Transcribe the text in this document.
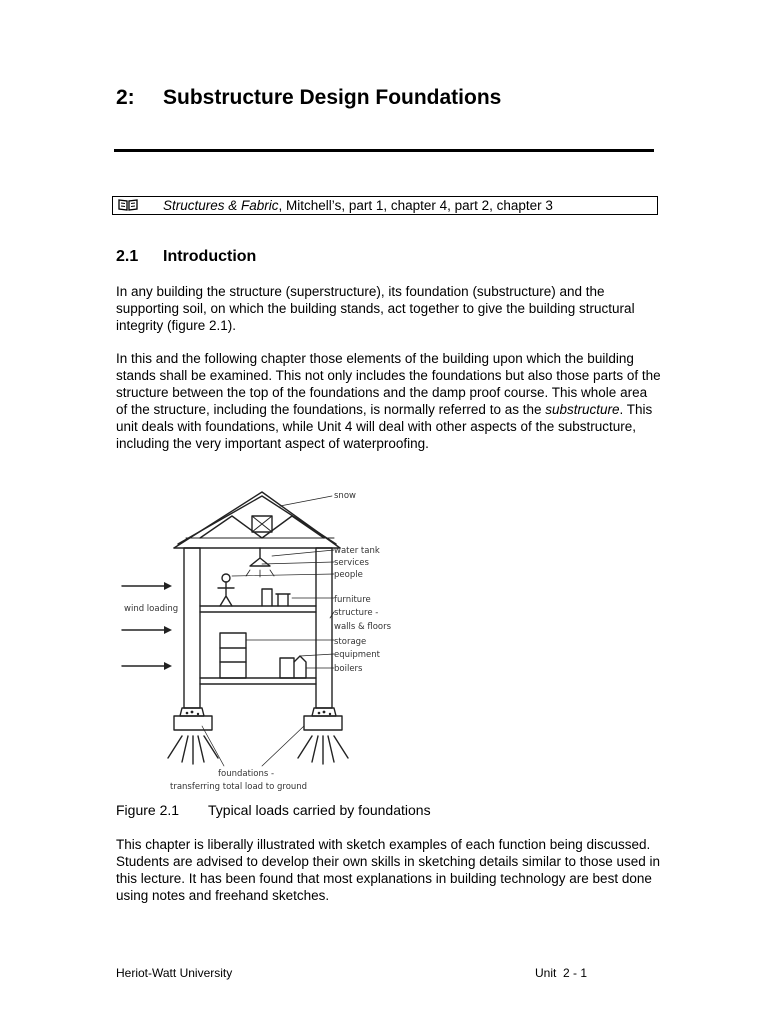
2: Substructure Design Foundations
Structures & Fabric, Mitchell’s, part 1, chapter 4, part 2, chapter 3
2.1 Introduction
In any building the structure (superstructure), its foundation (substructure) and the supporting soil, on which the building stands, act together to give the building structural integrity (figure 2.1).
In this and the following chapter those elements of the building upon which the building stands shall be examined. This not only includes the foundations but also those parts of the structure between the top of the foundations and the damp proof course. This whole area of the structure, including the foundations, is normally referred to as the substructure. This unit deals with foundations, while Unit 4 will deal with other aspects of the substructure, including the very important aspect of waterproofing.
snow
water tank
services
people
furniture
structure -
walls & floors
storage
equipment
boilers
wind loading
foundations -
transferring total load to ground
Figure 2.1 Typical loads carried by foundations
This chapter is liberally illustrated with sketch examples of each function being discussed. Students are advised to develop their own skills in sketching details similar to those used in this lecture. It has been found that most explanations in building technology are best done using notes and freehand sketches.
Heriot-Watt University	Unit  2 - 1
